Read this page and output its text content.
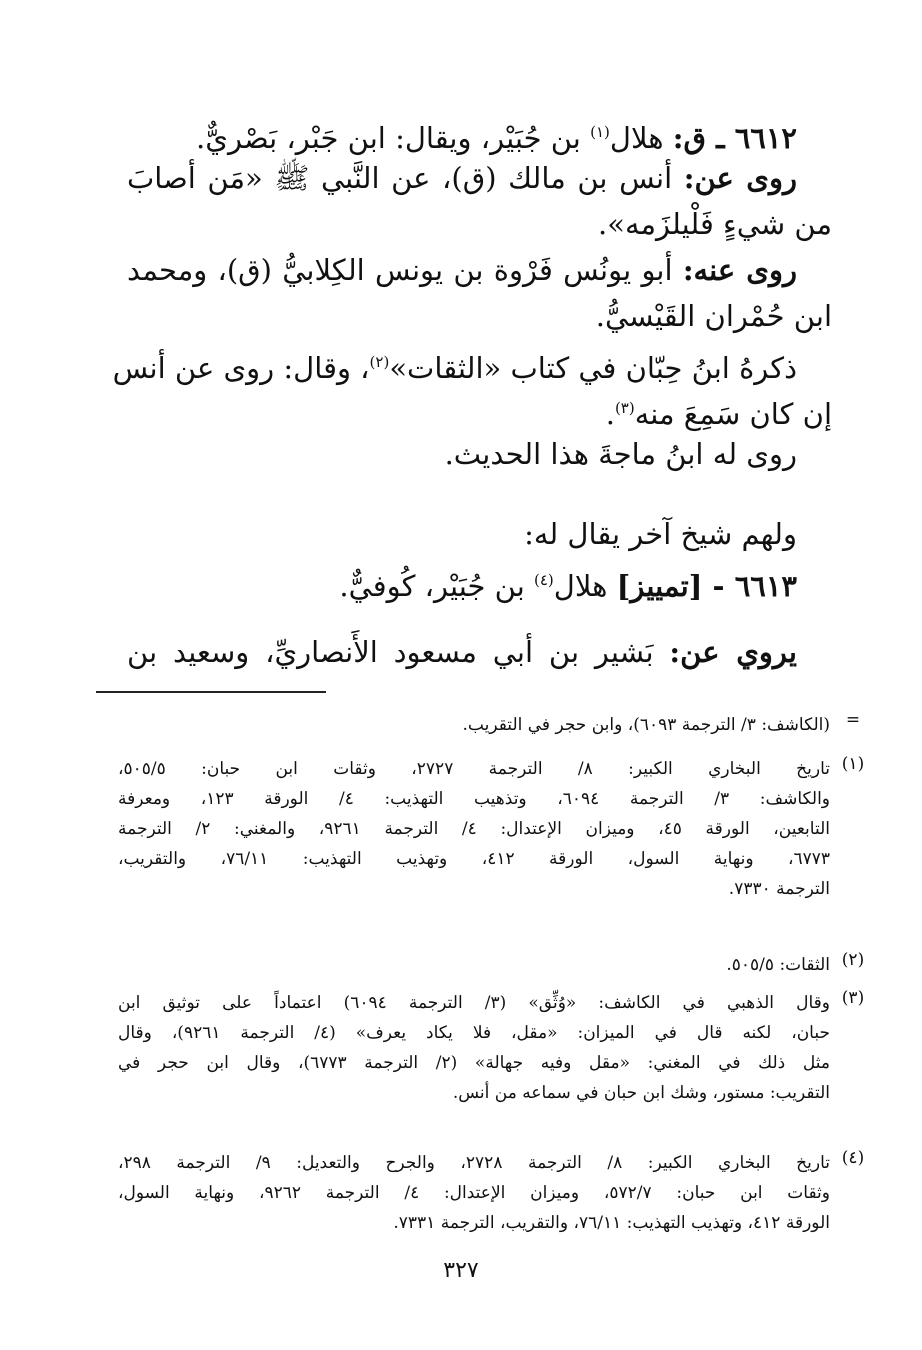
٦٦١٢ ـ ق: هلال$^{(١)}$ بن جُبَيْر، ويقال: ابن جَبْر، بَصْريٌّ.
روى عن: أنس بن مالك (ق)، عن النَّبي ﷺ «مَن أصابَ
من شيءٍ فَلْيلزَمه».
روى عنه: أبو يونُس فَرْوة بن يونس الكِلابيُّ (ق)، ومحمد
ابن حُمْران القَيْسيُّ.
ذكرهُ ابنُ حِبّان في كتاب «الثقات»$^{(٢)}$، وقال: روى عن أنس
إن كان سَمِعَ منه$^{(٣)}$.
روى له ابنُ ماجةَ هذا الحديث.
ولهم شيخ آخر يقال له:
٦٦١٣ - [تمييز] هلال$^{(٤)}$ بن جُبَيْر، كُوفيٌّ.
يروي عن: بَشير بن أبي مسعود الأَنصاريِّ، وسعيد بن
=
(الكاشف: ٣/ الترجمة ٦٠٩٣)، وابن حجر في التقريب.
(١)
تاريخ البخاري الكبير: ٨/ الترجمة ٢٧٢٧، وثقات ابن حبان: ٥٠٥/٥،
والكاشف: ٣/ الترجمة ٦٠٩٤، وتذهيب التهذيب: ٤/ الورقة ١٢٣، ومعرفة
التابعين، الورقة ٤٥، وميزان الإعتدال: ٤/ الترجمة ٩٢٦١، والمغني: ٢/ الترجمة
٦٧٧٣، ونهاية السول، الورقة ٤١٢، وتهذيب التهذيب: ٧٦/١١، والتقريب،
الترجمة ٧٣٣٠.
(٢)
الثقات: ٥٠٥/٥.
(٣)
وقال الذهبي في الكاشف: «وُثِّق» (٣/ الترجمة ٦٠٩٤) اعتماداً على توثيق ابن
حبان، لكنه قال في الميزان: «مقل، فلا يكاد يعرف» (٤/ الترجمة ٩٢٦١)، وقال
مثل ذلك في المغني: «مقل وفيه جهالة» (٢/ الترجمة ٦٧٧٣)، وقال ابن حجر في
التقريب: مستور، وشك ابن حبان في سماعه من أنس.
(٤)
تاريخ البخاري الكبير: ٨/ الترجمة ٢٧٢٨، والجرح والتعديل: ٩/ الترجمة ٢٩٨،
وثقات ابن حبان: ٥٧٢/٧، وميزان الإعتدال: ٤/ الترجمة ٩٢٦٢، ونهاية السول،
الورقة ٤١٢، وتهذيب التهذيب: ٧٦/١١، والتقريب، الترجمة ٧٣٣١.
٣٢٧
